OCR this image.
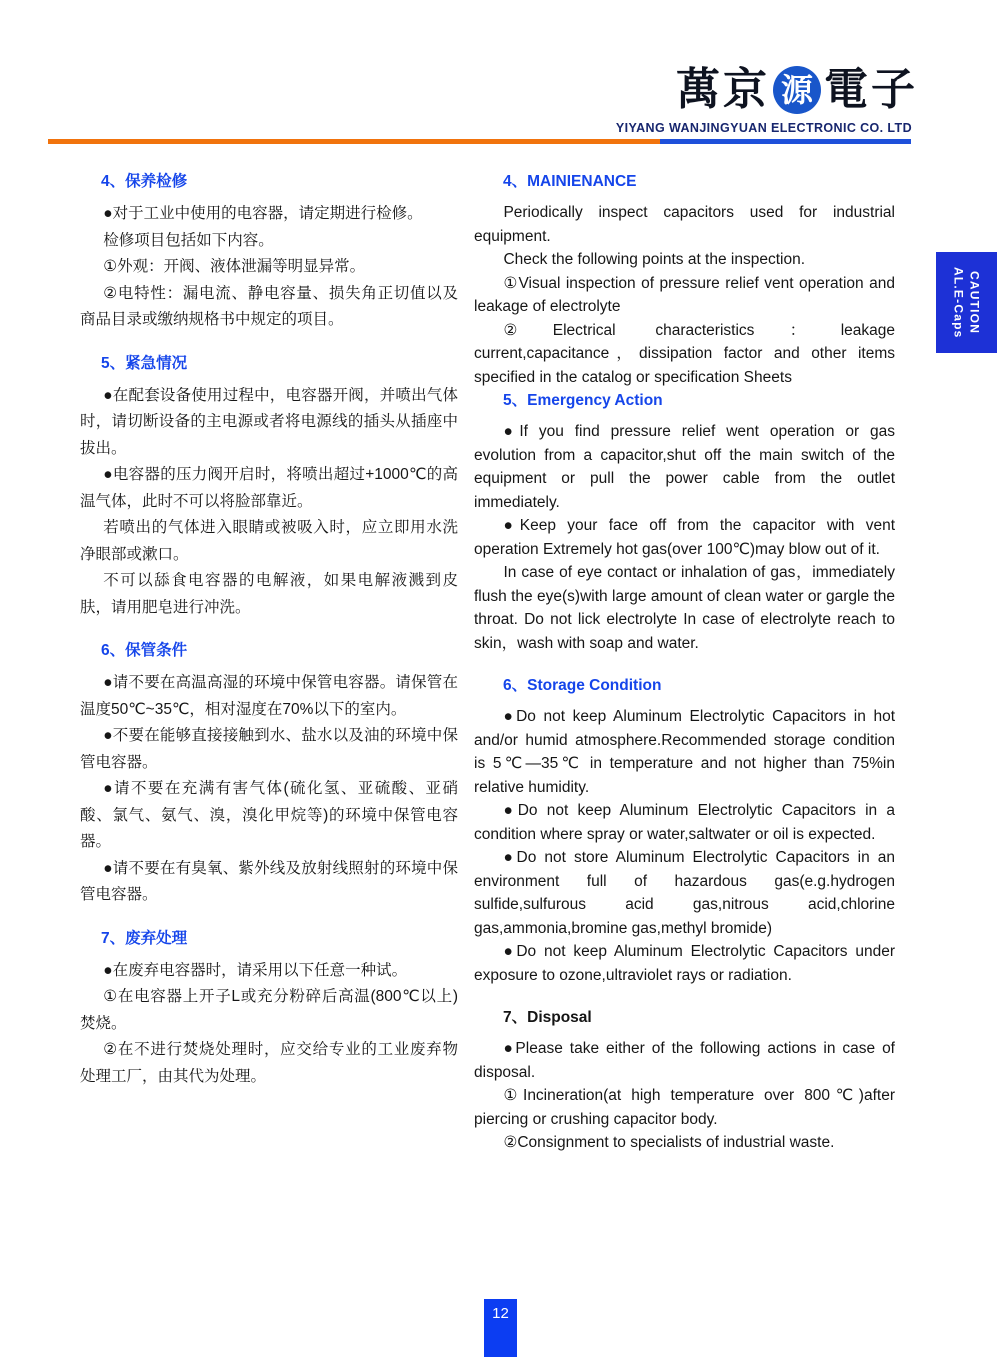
萬京 源 電子
YIYANG WANJINGYUAN ELECTRONIC CO. LTD
CAUTION
AL.E-Caps
4、保养检修

●对于工业中使用的电容器，请定期进行检修。

检修项目包括如下内容。

①外观：开阀、液体泄漏等明显异常。

②电特性：漏电流、静电容量、损失角正切值以及商品目录或缴纳规格书中规定的项目。

5、紧急情况

●在配套设备使用过程中，电容器开阀，并喷出气体时，请切断设备的主电源或者将电源线的插头从插座中拔出。

●电容器的压力阀开启时，将喷出超过+1000℃的高温气体，此时不可以将脸部靠近。

若喷出的气体进入眼睛或被吸入时，应立即用水洗净眼部或漱口。

不可以舔食电容器的电解液，如果电解液溅到皮肤，请用肥皂进行冲洗。

6、保管条件

●请不要在高温高湿的环境中保管电容器。请保管在温度50℃~35℃，相对湿度在70%以下的室内。

●不要在能够直接接触到水、盐水以及油的环境中保管电容器。

●请不要在充满有害气体(硫化氢、亚硫酸、亚硝酸、氯气、氨气、溴，溴化甲烷等)的环境中保管电容器。

●请不要在有臭氧、紫外线及放射线照射的环境中保管电容器。

7、废弃处理

●在废弃电容器时，请采用以下任意一种试。

①在电容器上开子L或充分粉碎后高温(800℃以上)焚烧。

②在不进行焚烧处理时，应交给专业的工业废弃物处理工厂，由其代为处理。

4、MAINIENANCE

Periodically inspect capacitors used for industrial equipment.

Check the following points at the inspection.

①Visual inspection of pressure relief vent operation and leakage of electrolyte

②Electrical characteristics：leakage current,capacitance，dissipation factor and other items specified in the catalog or specification Sheets

5、Emergency Action

●If you find pressure relief went operation or gas evolution from a capacitor,shut off the main switch of the equipment or pull the power cable from the outlet immediately.

●Keep your face off from the capacitor with vent operation Extremely hot gas(over 100℃)may blow out of it.

In case of eye contact or inhalation of gas，immediately flush the eye(s)with large amount of clean water or gargle the throat. Do not lick electrolyte In case of electrolyte reach to skin，wash with soap and water.

6、Storage Condition

●Do not keep Aluminum Electrolytic Capacitors in hot and/or humid atmosphere.Recommended storage condition is 5℃—35℃ in temperature and not higher than 75%in relative humidity.

●Do not keep Aluminum Electrolytic Capacitors in a condition where spray or water,saltwater or oil is expected.

●Do not store Aluminum Electrolytic Capacitors in an environment full of hazardous gas(e.g.hydrogen sulfide,sulfurous acid gas,nitrous acid,chlorine gas,ammonia,bromine gas,methyl bromide)

●Do not keep Aluminum Electrolytic Capacitors under exposure to ozone,ultraviolet rays or radiation.

7、Disposal

●Please take either of the following actions in case of disposal.

①Incineration(at high temperature over 800℃)after piercing or crushing capacitor body.

②Consignment to specialists of industrial waste.

12
